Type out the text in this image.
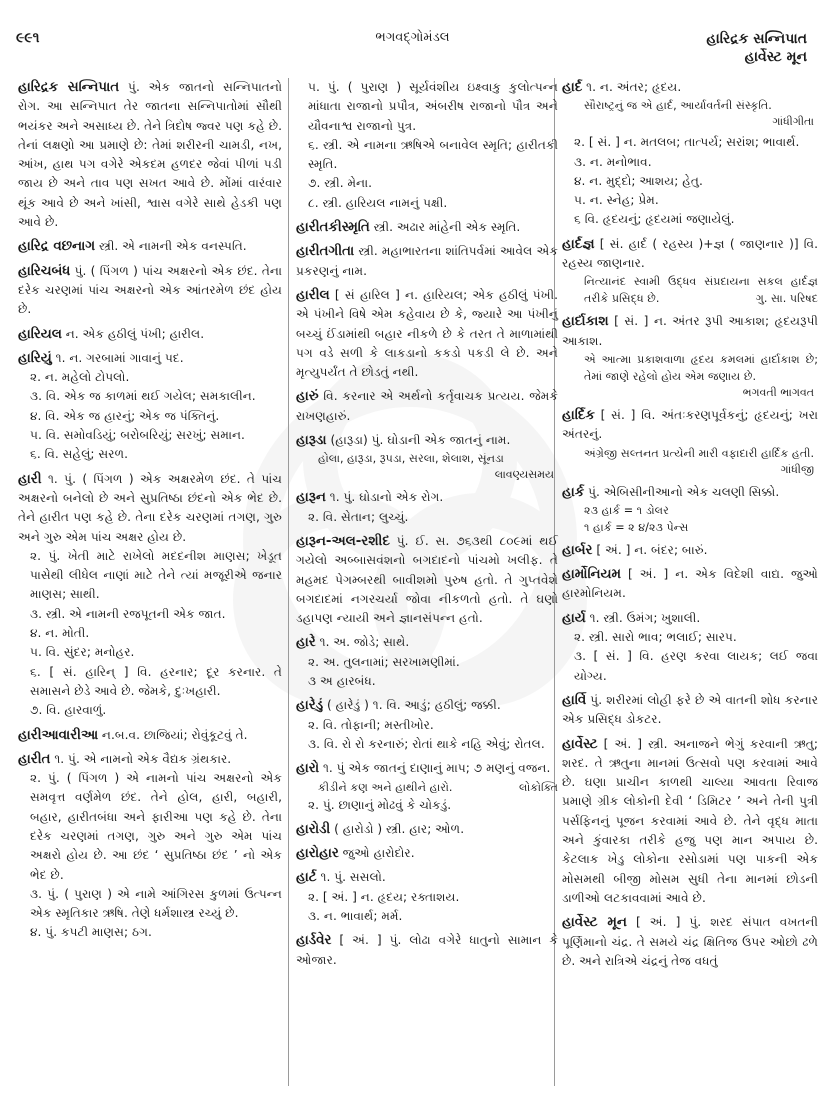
૯૯૧	ભગવદ્ગોમંડલ	હારિદ્રક સન્નિપાત
હાર્વેસ્ટ મૂન
હારિદ્રક સન્નિપાત પું. એક જાતનો સન્નિપાતનો રોગ. આ સન્નિપાત તેર જાતના સન્નિપાતોમાં સૌથી ભયંકર અને અસાધ્ય છે. તેને ત્રિદોષ જ્વર પણ કહે છે. તેનાં લક્ષણો આ પ્રમાણે છે: તેમાં શરીરની ચામડી, નખ, આંખ, હાથ પગ વગેરે એકદમ હળદર જેવાં પીળાં પડી જાય છે અને તાવ પણ સખત આવે છે. મોંમાં વારંવાર થૂંક આવે છે અને ખાંસી, શ્વાસ વગેરે સાથે હેડકી પણ આવે છે.
હારિદ્ર વછનાગ સ્ત્રી. એ નામની એક વનસ્પતિ.
હારિચબંધ પું. ( પિંગળ ) પાંચ અક્ષરનો એક છંદ. તેના દરેક ચરણમાં પાંચ અક્ષરનો એક આંતરમેળ છંદ હોય છે.
હારિયલ ન. એક હઠીલું પંખી; હારીલ.
હારિયું ૧. ન. ગરબામાં ગાવાનું પદ.
૨. ન. મહેલો ટોપલો.
૩. વિ. એક જ કાળમાં થઈ ગયેલ; સમકાલીન.
૪. વિ. એક જ હારનું; એક જ પંક્તિનું.
૫. વિ. સમોવડિયું; બરોબરિયું; સરખું; સમાન.
૬. વિ. સહેલું; સરળ.
હારી ૧. પું. ( પિંગળ ) એક અક્ષરમેળ છંદ. તે પાંચ અક્ષરનો બનેલો છે અને સુપ્રતિષ્ઠા છંદનો એક ભેદ છે. તેને હારીત પણ કહે છે. તેના દરેક ચરણમાં તગણ, ગુરુ અને ગુરુ એમ પાંચ અક્ષર હોય છે.
૨. પું. ખેતી માટે રાખેલો મદદનીશ માણસ; ખેડૂત પાસેથી લીધેલ નાણાં માટે તેને ત્યાં મજૂરીએ જનાર માણસ; સાથી.
૩. સ્ત્રી. એ નામની રજપૂતની એક જાત.
૪. ન. મોતી.
૫. વિ. સુંદર; મનોહર.
૬. [ સં. હારિન્ ] વિ. હરનાર; દૂર કરનાર. તે સમાસને છેડે આવે છે. જેમકે, દુઃખહારી.
૭. વિ. હારવાળું.
હારીઆવારીઆ ન.બ.વ. છાજિયાં; રોવુંકૂટવું તે.
હારીત ૧. પું. એ નામનો એક વૈદ્યક ગ્રંથકાર.
૨. પું. ( પિંગળ ) એ નામનો પાંચ અક્ષરનો એક સમવૃત્ત વર્ણમેળ છંદ. તેને હોલ, હારી, બહારી, બહાર, હારીતબંધા અને ફારીઆ પણ કહે છે. તેના દરેક ચરણમાં તગણ, ગુરુ અને ગુરુ એમ પાંચ અક્ષરો હોય છે. આ છંદ ‘ સુપ્રતિષ્ઠા છંદ ’ નો એક ભેદ છે.
૩. પું. ( પુરાણ ) એ નામે આંગિરસ કુળમાં ઉત્પન્ન એક સ્મૃતિકાર ઋષિ. તેણે ધર્મશાસ્ત્ર રચ્યું છે.
૪. પું. કપટી માણસ; ઠગ.
૫. પું. ( પુરાણ ) સૂર્યવંશીય ઇક્ષ્વાકુ કુલોત્પન્ન માંધાતા રાજાનો પ્રપૌત્ર, અંબરીષ રાજાનો પૌત્ર અને યૌવનાશ્વ રાજાનો પુત્ર.
૬. સ્ત્રી. એ નામના ઋષિએ બનાવેલ સ્મૃતિ; હારીતકી સ્મૃતિ.
૭. સ્ત્રી. મેના.
૮. સ્ત્રી. હારિયલ નામનું પક્ષી.
હારીતકીસ્મૃતિ સ્ત્રી. અઢાર માંહેની એક સ્મૃતિ.
હારીતગીતા સ્ત્રી. મહાભારતના શાંતિપર્વમાં આવેલ એક પ્રકરણનું નામ.
હારીલ [ સં હારિલ ] ન. હારિયલ; એક હઠીલું પંખી. એ પંખીને વિષે એમ કહેવાય છે કે, જ્યારે આ પંખીનું બચ્ચું ઈંડામાંથી બહાર નીકળે છે કે તરત તે માળામાંથી પગ વડે સળી કે લાકડાનો કકડો પકડી લે છે. અને મૃત્યુપર્યંત તે છોડતું નથી.
હારું વિ. કરનાર એ અર્થનો કર્તૃવાચક પ્રત્યય. જેમકે રાખણહારું.
હારૂડા (હારૂડા) પું. ઘોડાની એક જાતનું નામ.
હોલા, હારૂડા, રૂપડા, સરલા, શેલાશ, સૂંનડા
લાવણ્યસમય
હારૂન ૧. પું. ઘોડાનો એક રોગ.
૨. વિ. સેતાન; લુચ્ચું.
હારૂન-અલ-રશીદ પું. ઈ. સ. ૭૬૩થી ૮૦૯માં થઈ ગયેલો અબ્બાસવંશનો બગદાદનો પાંચમો ખલીફ. તે મહમદ પેગમ્બરથી બાવીશમો પુરુષ હતો. તે ગુપ્તવેશે બગદાદમાં નગરચર્યા જોવા નીકળતો હતો. તે ઘણો ડહાપણ ન્યાયી અને જ્ઞાનસંપન્ન હતો.
હારે ૧. અ. જોડે; સાથે.
૨. અ. તુલનામાં; સરખામણીમાં.
૩ અ હારબંધ.
હારેડું ( હારેડું ) ૧. વિ. આડું; હઠીલું; જક્કી.
૨. વિ. તોફાની; મસ્તીખોર.
૩. વિ. રો રો કરનારું; રોતાં થાકે નહિ એવું; રોતલ.
હારો ૧. પું એક જાતનું દાણાનું માપ; ૭ મણનું વજન.
કીડીને કણ અને હાથીને હારો.	લોકોક્તિ
૨. પું. છાણાનું મોઢવું કે ચોકડું.
હારોડી ( હારોડો ) સ્ત્રી. હાર; ઓળ.
હારોહાર જુઓ હારોદોર.
હાર્ટ ૧. પું. સસલો.
૨. [ અં. ] ન. હૃદય; રક્તાશય.
૩. ન. ભાવાર્થ; મર્મ.
હાર્ડવેર [ અં. ] પું. લોઢા વગેરે ધાતુનો સામાન કે ઓજાર.
હાર્દ ૧. ન. અંતર; હૃદય.
સૌરાષ્ટ્રનું જ એ હાર્દ, આર્યાવર્તની સંસ્કૃતિ.
ગાંધીગીતા
૨. [ સં. ] ન. મતલબ; તાત્પર્ય; સરાંશ; ભાવાર્થ.
૩. ન. મનોભાવ.
૪. ન. મુદ્દો; આશય; હેતુ.
૫. ન. સ્નેહ; પ્રેમ.
૬ વિ. હૃદયનું; હૃદયમાં જણાયેલું.
હાર્દજ્ઞ [ સં. હાર્દ ( રહસ્ય )+જ્ઞ ( જાણનાર )] વિ. રહસ્ય જાણનાર.
નિત્યાનંદ સ્વામી ઉદ્ધવ સંપ્રદાયના સકલ હાર્દજ્ઞ તરીકે પ્રસિદ્ધ છે.	ગુ. સા. પરિષદ
હાર્દાકાશ [ સં. ] ન. અંતર રૂપી આકાશ; હૃદયરૂપી આકાશ.
એ આત્મા પ્રકાશવાળા હૃદય કમલમાં હાર્દાકાશ છે; તેમાં જાણે રહેલો હોય એમ જણાય છે.
ભગવતી ભાગવત
હાર્દિક [ સં. ] વિ. અંતઃકરણપૂર્વકનું; હૃદયનું; ખરા અંતરનું.
અંગ્રેજી સલ્તનત પ્રત્યેની મારી વફાદારી હાર્દિક હતી.
ગાંધીજી
હાર્ક પું. એબિસીનીઆનો એક ચલણી સિક્કો.
૨૩ હાર્ક = ૧ ડોલર
૧ હાર્ક = ૨ ૪/૨૩ પેન્સ
હાર્બર [ અં. ] ન. બંદર; બારું.
હાર્મોનિયમ [ અં. ] ન. એક વિદેશી વાદ્ય. જુઓ હારમોનિયમ.
હાર્ય ૧. સ્ત્રી. ઉમંગ; ખુશાલી.
૨. સ્ત્રી. સારો ભાવ; ભલાઈ; સારપ.
૩. [ સં. ] વિ. હરણ કરવા લાયક; લઈ જવા યોગ્ય.
હાર્વિ પું. શરીરમાં લોહી ફરે છે એ વાતની શોધ કરનાર એક પ્રસિદ્ધ ડોકટર.
હાર્વેસ્ટ [ અં. ] સ્ત્રી. અનાજને ભેગું કરવાની ઋતુ; શરદ. તે ઋતુના માનમાં ઉત્સવો પણ કરવામાં આવે છે. ઘણા પ્રાચીન કાળથી ચાલ્યા આવતા રિવાજ પ્રમાણે ગ્રીક લોકોની દેવી ‘ ડિમિટર ’ અને તેની પુત્રી પર્સફિનનું પૂજન કરવામાં આવે છે. તેને વૃદ્ધ માતા અને કુંવારકા તરીકે હજુ પણ માન અપાય છે. કેટલાક ખેડુ લોકોના રસોડામાં પણ પાકની એક મોસમથી બીજી મોસમ સુધી તેના માનમાં છોડની ડાળીઓ લટકાવવામાં આવે છે.
હાર્વેસ્ટ મૂન [ અં. ] પું. શરદ સંપાત વખતની પૂર્ણિમાનો ચંદ્ર. તે સમયે ચંદ્ર ક્ષિતિજ ઉપર ઓછો ઢળે છે. અને રાત્રિએ ચંદ્રનું તેજ વધતું
